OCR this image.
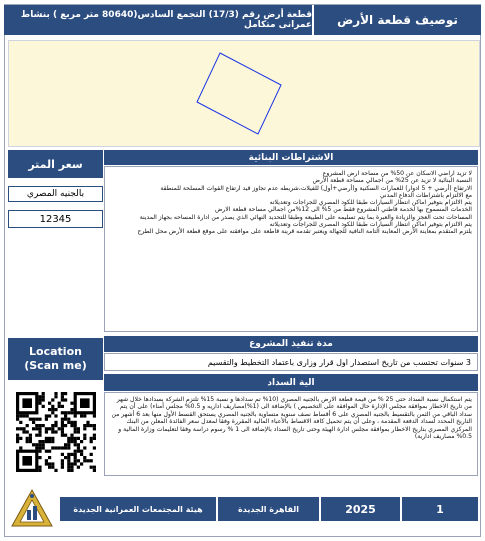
توصيف قطعة الأرض
قطعة أرض رقم (17/3) التجمع السادس(80640 متر مربع ) بنشاط عمرانى متكامل
سعر المتر
بالجنيه المصري
12345
الاشتراطات البنائية
لا تزيد اراضي الاسكان عن 50% من مساحة ارض المشروع
النسبة البنائية لا تزيد عن 25% من اجمالي مساحة قطعة الأرض
الارتفاع (أرضي + 5 ادوار) للعمارات السكنية و(أرضي+أول) للفيلات،شريطه عدم تجاوز قيد ارتفاع القوات المسلحة للمنطقة
مع الالتزام باشتراطات الدفاع المدني
يتم الالتزام بتوفير اماكن انتظار السيارات طبقا للكود المصري للجراجات وتعديلاته
الخدمات المسموح بها لخدمة قاطني المشروع فقط من 5% الى 12%من اجمالي مساحة قطعة الارض
المساحات تحت العجز والزيادة والعبرة بما يتم تسليمه على الطبيعه وطبقا للتحديد النهائي الذي يصدر من ادارة المساحه بجهاز المدينة
يتم الالتزام بتوفير اماكن انتظار السيارات طبقا للكود المصرى للجراجات وتعديلاته
يلتزم المتقدم بمعاينة الأرض المعاينة التامة النافية للجهالة ويعتبر تقدمه قرينة قاطعة على موافقته على موقع قطعة الأرض محل الطرح
Location
(Scan me)
مدة تنفيذ المشروع
3 سنوات تحتسب من تاريخ استصدار اول قرار وزارى باعتماد التخطيط والتقسيم
الية السداد
يتم استكمال نسبة السداد حتى 25 % من قيمة قطعة الارض بالجنيه المصري (10% تم سدادها و نسبة 15% تلتزم الشركة بسدادها خلال شهر من تاريخ الاخطار بموافقة مجلس الإدارة حال الموافقة على التخصيص ) بالإضافة الى (1%)مصاريف اداريه و 0.5% مجلس أمناء) على أن يتم سداد الباقي من الثمن بالتقسيط بالجنيه المصري على 6 أقساط نصف سنوية متساوية بالجنيه المصري يستحق القسط الأول منها بعد 6 أشهر من التاريخ المحدد لسداد الدفعة المقدمة ، وعلى أن يتم تحميل كافة الاقساط بالأعباء المالية المقررة وفقا لمعدل سعر الفائدة المعلن من البنك المركزي المصري بتاريخ الاخطار بموافقة مجلس ادارة الهيئة وحتى تاريخ السداد بالإضافة الى 1 % رسوم دراسة وفقا لتعليمات وزارة المالية و 0.5% مصاريف ادارية)
1
2025
القاهرة الجديدة
هيئة المجتمعات العمرانية الجديدة
